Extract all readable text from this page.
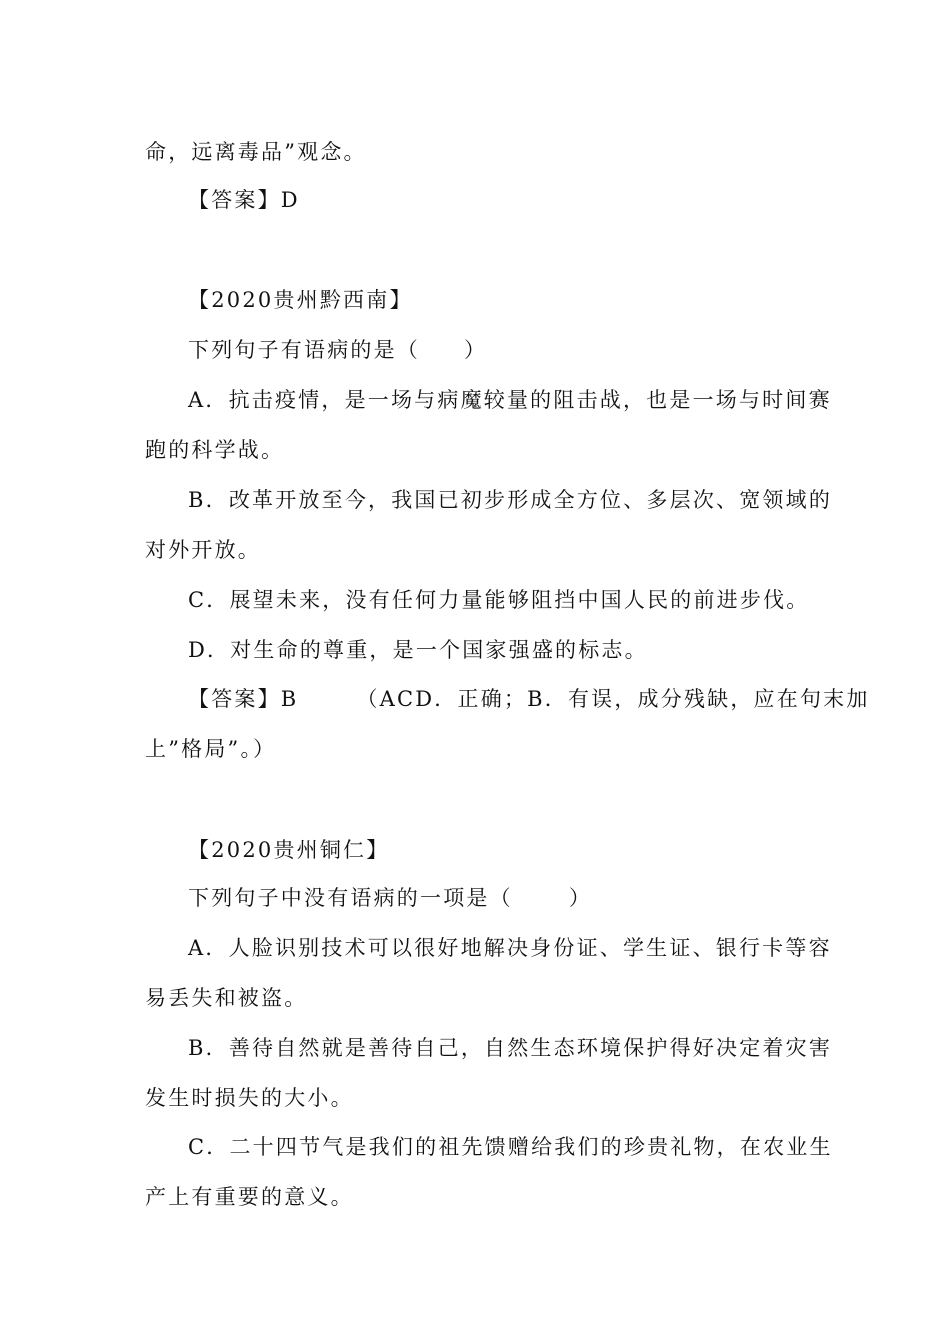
命，远离毒品”观念。
【答案】D
【2020贵州黔西南】
下列句子有语病的是（ ）
A．抗击疫情，是一场与病魔较量的阻击战，也是一场与时间赛
跑的科学战。
B．改革开放至今，我国已初步形成全方位、多层次、宽领域的
对外开放。
C．展望未来，没有任何力量能够阻挡中国人民的前进步伐。
D．对生命的尊重，是一个国家强盛的标志。
【答案】B	（ACD．正确；B．有误，成分残缺，应在句末加
上”格局”。）
【2020贵州铜仁】
下列句子中没有语病的一项是（	）
A．人脸识别技术可以很好地解决身份证、学生证、银行卡等容
易丢失和被盗。
B．善待自然就是善待自己，自然生态环境保护得好决定着灾害
发生时损失的大小。
C．二十四节气是我们的祖先馈赠给我们的珍贵礼物，在农业生
产上有重要的意义。
